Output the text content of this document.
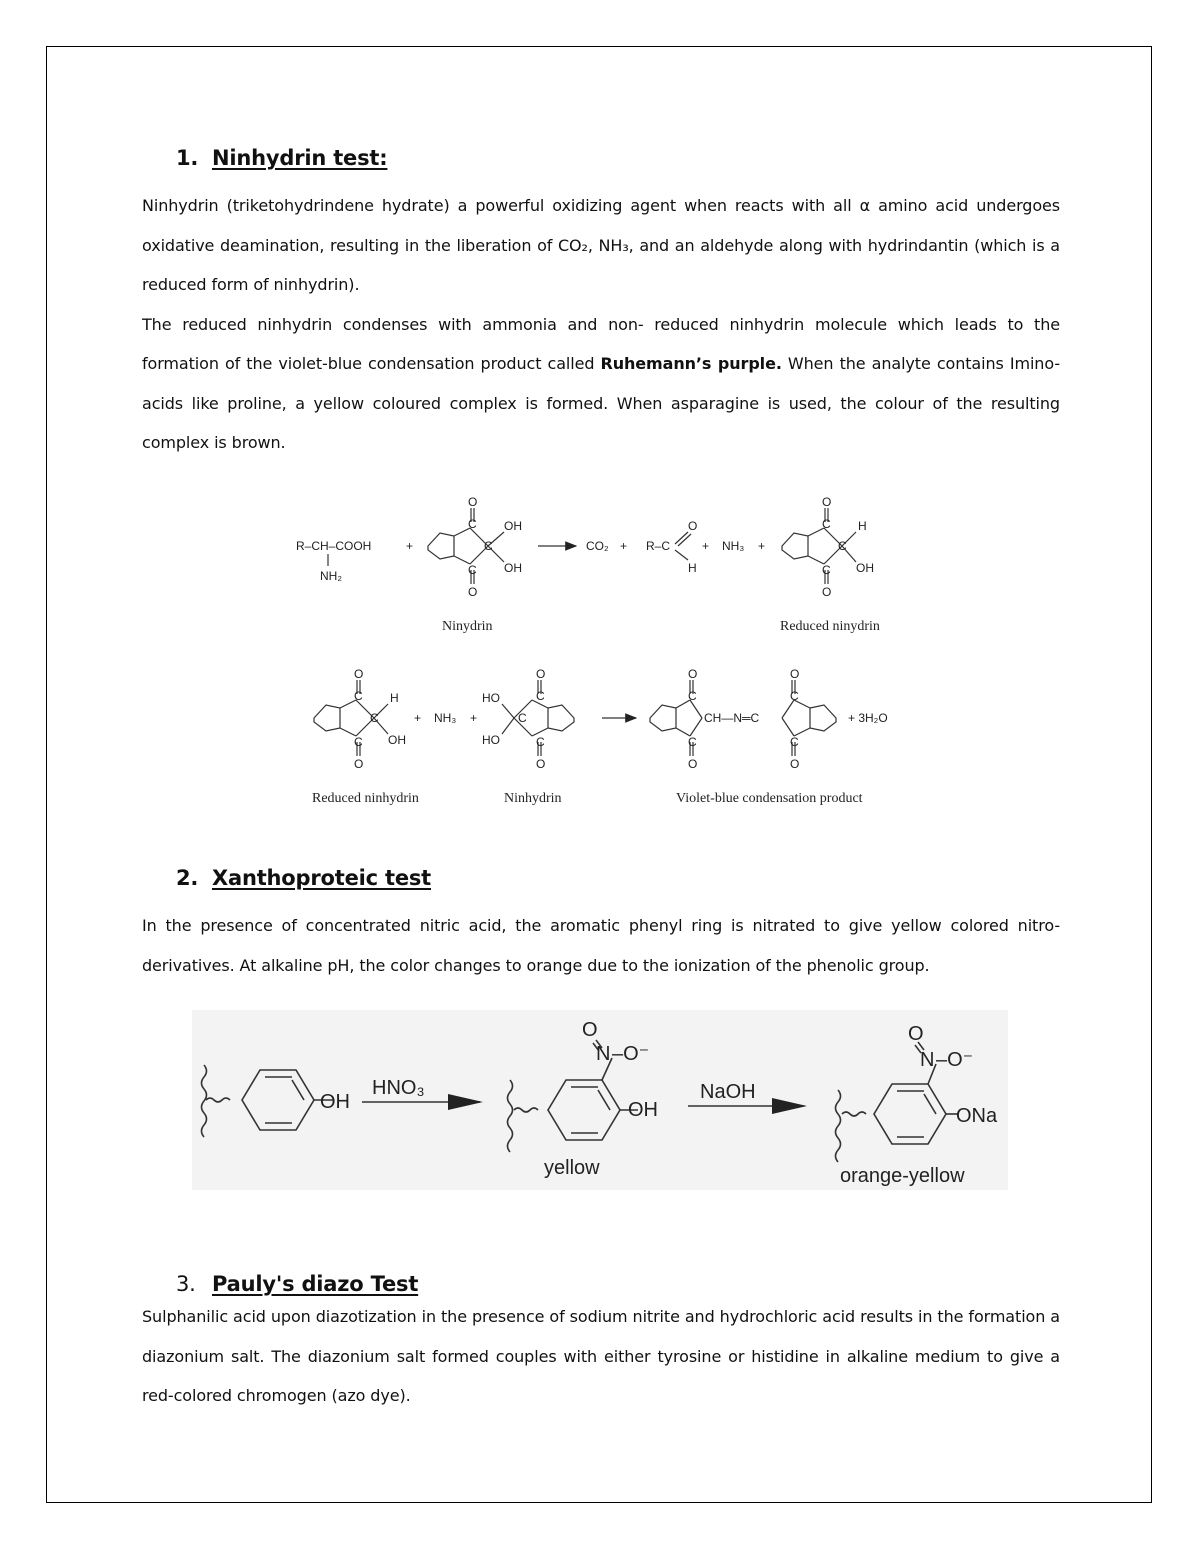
1. Ninhydrin test:

Ninhydrin (triketohydrindene hydrate) a powerful oxidizing agent when reacts with all α amino acid undergoes oxidative deamination, resulting in the liberation of CO₂, NH₃, and an aldehyde along with hydrindantin (which is a reduced form of ninhydrin).

The reduced ninhydrin condenses with ammonia and non- reduced ninhydrin molecule which leads to the formation of the violet-blue condensation product called Ruhemann’s purple. When the analyte contains Imino-acids like proline, a yellow coloured complex is formed. When asparagine is used, the colour of the resulting complex is brown.

R–CH–COOH
NH₂
+
O
C
C
C
O
OH
OH
CO₂ + R–C
O
H
+ NH₃ +
O
C
C
C
O
H
OH
O
C
C
C
O
H
OH
+ NH₃ +
O
C
C
C
O
HO
HO
O
C
C
O
CH—N═C
O
C
C
O
+ 3H₂O
Ninydrin	Reduced ninydrin
Reduced ninhydrin	Ninhydrin	Violet-blue condensation product
2. Xanthoproteic test

In the presence of concentrated nitric acid, the aromatic phenyl ring is nitrated to give yellow colored nitro-derivatives. At alkaline pH, the color changes to orange due to the ionization of the phenolic group.

OH
HNO₃
OH
O
N –O⁻
NaOH
ONa
O
N –O⁻
yellow	orange-yellow
3. Pauly's diazo Test

Sulphanilic acid upon diazotization in the presence of sodium nitrite and hydrochloric acid results in the formation a diazonium salt. The diazonium salt formed couples with either tyrosine or histidine in alkaline medium to give a red-colored chromogen (azo dye).
